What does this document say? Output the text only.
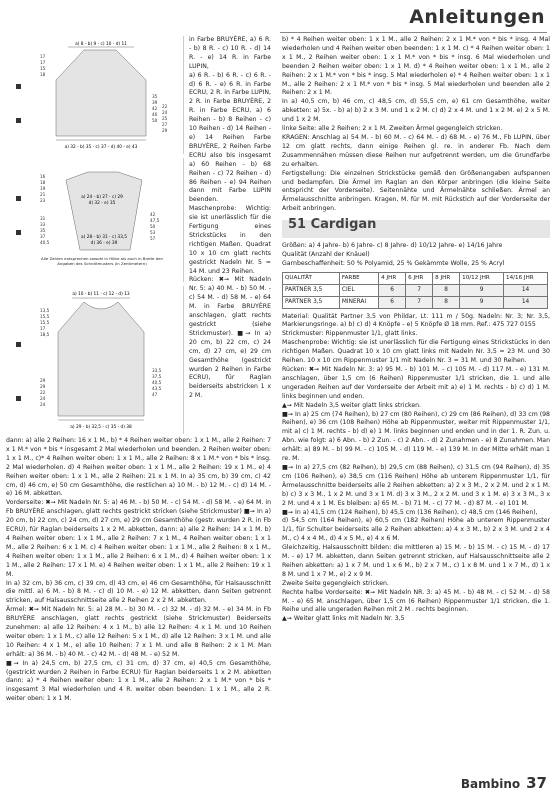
Anleitungen
a) 8 - b) 9 - c) 10 - d) 11
a) 32 - b) 35 - c) 37 - d) 40 - e) 43
17
17
15
18
35
39
42
46
50
22
24
25
27
29
a) 24 - b) 27 - c) 29
d) 32 - e) 35
a) 28 - b) 31 - c) 33,5
d) 36 - e) 39
16
18
19
21
23
31
33
35
37
40,5
42
47,5
50
53
57
Alle Zahlen entsprechen sowohl in Höhe als auch in Breite den Angaben des Schnittmusters (in Zentimetern)
a) 10 - b) 11 - c) 12 - d) 13
a) 29 - b) 32,5 - c) 35 - d) 38
13,5
15,5
15,5
17
18,5
29
29
22
24
24
33,5
37,5
40,5
43,5
47

in Farbe BRUYÈRE, a) 6 R. - b) 8 R. - c) 10 R. - d) 14 R. - e) 14 R. in Farbe LUPIN,

a) 6 R. - b) 6 R. - c) 6 R. - d) 6 R. - e) 6 R. in Farbe ECRU, 2 R. in Farbe LUPIN, 2 R. in Farbe BRUYÈRE, 2 R. in Farbe ECRU, a) 6 Reihen - b) 8 Reihen - c) 10 Reihen - d) 14 Reihen - e) 14 Reihen Farbe BRUYÈRE, 2 Reihen Farbe ECRU also bis insgesamt a) 60 Reihen - b) 68 Reihen - c) 72 Reihen - d) 86 Reihen - e) 94 Reihen dann mit Farbe LUPIN beenden.

Maschenprobe: Wichtig: sie ist unerlässlich für die Fertigung eines Strickstücks in den richtigen Maßen. Quadrat 10 x 10 cm glatt rechts gestrickt Nadeln Nr. 5 = 14 M. und 23 Reihen.

Rücken: ✖➞ Mit Nadeln Nr. 5: a) 40 M. - b) 50 M. - c) 54 M. - d) 58 M. - e) 64 M. in Farbe BRUYÈRE anschlagen, glatt rechts gestrickt (siehe Strickmuster). ■➞ In a) 20 cm, b) 22 cm, c) 24 cm, d) 27 cm, e) 29 cm Gesamthöhe (gestrickt wurden 2 Reihen in Farbe ECRU), für Raglan beiderseits abstricken 1 x 2 M.

dann: a) alle 2 Reihen: 16 x 1 M., b) * 4 Reihen weiter oben: 1 x 1 M., alle 2 Reihen: 7 x 1 M.* von * bis * insgesamt 2 Mal wiederholen und beenden. 2 Reihen weiter oben: 1 x 1 M., c)* 4 Reihen weiter oben: 1 x 1 M., alle 2 Reihen: 8 x 1 M.* von * bis * insg. 2 Mal wiederholen. d) 4 Reihen weiter oben: 1 x 1 M., alle 2 Reihen: 19 x 1 M., e) 4 Reihen weiter oben: 1 x 1 M., alle 2 Reihen: 21 x 1 M. In a) 35 cm, b) 39 cm, c) 42 cm, d) 46 cm, e) 50 cm Gesamthöhe, die restlichen a) 10 M. - b) 12 M. - c) d) 14 M. - e) 16 M. abketten.

Vorderseite: ✖➞ Mit Nadeln Nr. 5: a) 46 M. - b) 50 M. - c) 54 M. - d) 58 M. - e) 64 M. in Fb BRUYÈRE anschlagen, glatt rechts gestrickt stricken (siehe Strickmuster) ■➞ In a) 20 cm, b) 22 cm, c) 24 cm, d) 27 cm, e) 29 cm Gesamthöhe (gestr. wurden 2 R. in Fb ECRU), für Raglan beiderseits 1 x 2 M. abketten, dann: a) alle 2 Reihen: 14 x 1 M. b) 4 Reihen weiter oben: 1 x 1 M., alle 2 Reihen: 7 x 1 M., 4 Reihen weiter oben: 1 x 1 M., alle 2 Reihen: 6 x 1 M. c) 4 Reihen weiter oben: 1 x 1 M., alle 2 Reihen: 8 x 1 M., 4 Reihen weiter oben: 1 x 1 M., alle 2 Reihen: 6 x 1 M., d) 4 Reihen weiter oben: 1 x 1 M., alle 2 Reihen: 17 x 1 M. e) 4 Reihen weiter oben: 1 x 1 M., alle 2 Reihen: 19 x 1 M.

In a) 32 cm, b) 36 cm, c) 39 cm, d) 43 cm, e) 46 cm Gesamthöhe, für Halsausschnitt die mittl. a) 6 M. - b) 8 M. - c) d) 10 M. - e) 12 M. abketten, dann Seiten getrennt stricken, auf Halsausschnittseite alle 2 Reihen 2 x 2 M. abketten.

Ärmel: ✖➞ Mit Nadeln Nr. 5: a) 28 M. - b) 30 M. - c) 32 M. - d) 32 M. - e) 34 M. in Fb BRUYÈRE anschlagen, glatt rechts gestrickt (siehe Strickmuster) Beiderseits zunehmen: a) alle 12 Reihen: 4 x 1 M., b) alle 12 Reihen: 4 x 1 M. und 10 Reihen weiter oben: 1 x 1 M., c) alle 12 Reihen: 5 x 1 M., d) alle 12 Reihen: 3 x 1 M. und alle 10 Reihen: 4 x 1 M., e) alle 10 Reihen: 7 x 1 M. und alle 8 Reihen: 2 x 1 M. Man erhält: a) 36 M. - b) 40 M. - c) 42 M. - d) 48 M. - e) 52 M.

■➞ In a) 24,5 cm, b) 27,5 cm, c) 31 cm, d) 37 cm, e) 40,5 cm Gesamthöhe, (gestrickt wurden 2 Reihen in Farbe ECRU) für Raglan beiderseits 1 x 2 M. abketten dann: a) * 4 Reihen weiter oben: 1 x 1 M., alle 2 Reihen: 2 x 1 M.* von * bis * insgesamt 3 Mal wiederholen und 4 R. weiter oben beenden: 1 x 1 M., alle 2 R. weiter oben: 1 x 1 M.

b) * 4 Reihen weiter oben: 1 x 1 M., alle 2 Reihen: 2 x 1 M.* von * bis * insg. 4 Mal wiederholen und 4 Reihen weiter oben beenden: 1 x 1 M. c) * 4 Reihen weiter oben: 1 x 1 M., 2 Reihen weiter oben: 1 x 1 M.* von * bis * insg. 6 Mal wiederholen und beenden 2 Reihen weiter oben: 1 x 1 M. d) * 4 Reihen weiter oben: 1 x 1 M., alle 2 Reihen: 2 x 1 M.* von * bis * insg. 5 Mal wiederholen e) * 4 Reihen weiter oben: 1 x 1 M., alle 2 Reihen: 2 x 1 M.* von * bis * insg. 5 Mal wiederholen und beenden alle 2 Reihen: 2 x 1 M.

In a) 40,5 cm, b) 46 cm, c) 48,5 cm, d) 55,5 cm, e) 61 cm Gesamthöhe, weiter abketten: a) 5x. - b) a) b) 2 x 3 M. und 1 x 2 M. c) d) 2 x 4 M. und 1 x 2 M. e) 2 x 5 M. und 1 x 2 M.

linke Seite: alle 2 Reihen: 2 x 1 M. Zweiten Ärmel gegengleich stricken.

KRAGEN: Anschlag a) 54 M. - b) 60 M. - c) 64 M. - d) 68 M. - e) 76 M., Fb LUPIN, über 12 cm glatt rechts, dann einige Reihen gl. re. in anderer Fb. Nach dem Zusammennähen müssen diese Reihen nur aufgetrennt werden, um die Grundfarbe zu erhalten.

Fertigstellung: Die einzelnen Strickstücke gemäß den Größenangaben aufspannen und bedampfen. Die Ärmel im Raglan an den Körper anbringen (die kleine Seite entspricht der Vorderseite). Seitennähte und Ärmelnähte schließen. Ärmel an Ärmelausschnitte anbringen. Kragen, M. für M. mit Rückstich auf der Vorderseite der Arbeit anbringen.

51 Cardigan

Größen: a) 4 Jahre- b) 6 Jahre- c) 8 Jahre- d) 10/12 Jahre- e) 14/16 Jahre

Qualität (Anzahl der Knäuel)

Garnbeschaffenheit: 50 % Polyamid, 25 % Gekämmte Wolle, 25 % Acryl

QUALITÄT	FARBE	4 JHR	6 JHR	8 JHR	10/12 JHR	14/16 JHR
PARTNER 3,5	CIEL	6	7	8	9	14
PARTNER 3,5	MINERAI	6	7	8	9	14

Material: Qualität Partner 3,5 von Phildar, Lt. 111 m / 50g. Nadeln: Nr. 3; Nr. 3,5, Markierungsringe. a) b) c) d) 4 Knöpfe - e) 5 Knöpfe Ø 18 mm. Ref.: 475 727 0155

Strickmuster: Rippenmuster 1/1, glatt links.

Maschenprobe: Wichtig: sie ist unerlässlich für die Fertigung eines Strickstücks in den richtigen Maßen. Quadrat 10 x 10 cm glatt links mit Nadeln Nr. 3,5 = 23 M. und 30 Reihen. 10 x 10 cm Rippenmuster 1/1 mit Nadeln Nr. 3 = 31 M. und 30 Reihen.

Rücken: ✖➞ Mit Nadeln Nr. 3: a) 95 M. - b) 101 M. - c) 105 M. - d) 117 M. - e) 131 M. anschlagen, über 1,5 cm (6 Reihen) Rippenmuster 1/1 stricken, die 1. und alle ungeraden Reihen auf der Vorderseite der Arbeit mit a) e) 1 M. rechts - b) c) d) 1 M. links beginnen und enden.

▲➞ Mit Nadeln 3,5 weiter glatt links stricken.

■➞ In a) 25 cm (74 Reihen), b) 27 cm (80 Reihen), c) 29 cm (86 Reihen), d) 33 cm (98 Reihen), e) 36 cm (108 Reihen) Höhe ab Rippenmuster, weiter mit Rippenmuster 1/1, mit a) c) 1 M. rechts - b) d) e) 1 M. links beginnen und enden und in der 1. R. Zun. u. Abn. wie folgt: a) 6 Abn. - b) 2 Zun. - c) 2 Abn. - d) 2 Zunahmen - e) 8 Zunahmen. Man erhält: a) 89 M. - b) 99 M. - c) 105 M. - d) 119 M. - e) 139 M. In der Mitte erhält man 1 re. M.

■➞ In a) 27,5 cm (82 Reihen), b) 29,5 cm (88 Reihen), c) 31,5 cm (94 Reihen), d) 35 cm (106 Reihen), e) 38,5 cm (116 Reihen) Höhe ab unterem Rippenmuster 1/1, für Ärmelausschnitte beiderseits alle 2 Reihen abketten: a) 2 x 3 M., 2 x 2 M. und 2 x 1 M. b) c) 3 x 3 M., 1 x 2 M. und 3 x 1 M. d) 3 x 3 M., 2 x 2 M. und 3 x 1 M. e) 3 x 3 M., 3 x 2 M. und 4 x 1 M. Es bleiben: a) 65 M. - b) 71 M. - c) 77 M. - d) 87 M. - e) 101 M.

■➞ In a) 41,5 cm (124 Reihen), b) 45,5 cm (136 Reihen), c) 48,5 cm (146 Reihen),

d) 54,5 cm (164 Reihen), e) 60,5 cm (182 Reihen) Höhe ab unterem Rippenmuster 1/1, für Schulter beiderseits alle 2 Reihen abketten: a) 4 x 3 M., b) 2 x 3 M. und 2 x 4 M., c) 4 x 4 M., d) 4 x 5 M., e) 4 x 6 M.

Gleichzeitig, Halsausschnitt bilden: die mittleren a) 15 M. - b) 15 M. - c) 15 M. - d) 17 M. - e) 17 M. abketten, dann Seiten getrennt stricken, auf Halsausschnittseite alle 2 Reihen abketten: a) 1 x 7 M. und 1 x 6 M., b) 2 x 7 M., c) 1 x 8 M. und 1 x 7 M., d) 1 x 8 M. und 1 x 7 M., e) 2 x 9 M.

Zweite Seite gegengleich stricken.

Rechte halbe Vorderseite: ✖➞ Mit Nadeln NR. 3: a) 45 M. - b) 48 M. - c) 52 M. - d) 58 M. - e) 65 M. anschlagen, über 1,5 cm (6 Reihen) Rippenmuster 1/1 stricken, die 1. Reihe und alle ungeraden Reihen mit 2 M . rechts beginnen.

▲➞ Weiter glatt links mit Nadeln Nr. 3,5

Bambino 37
